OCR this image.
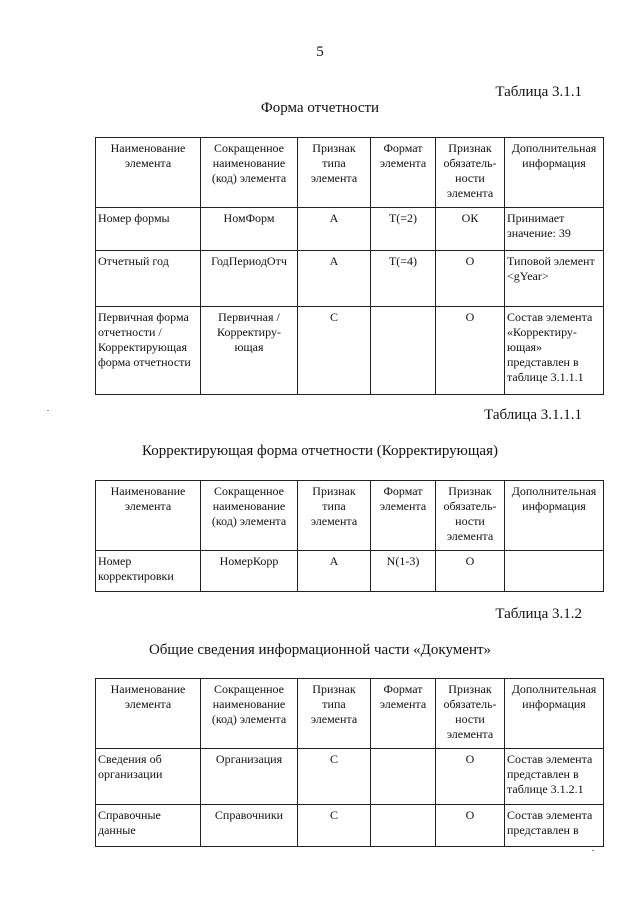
5
Таблица 3.1.1
Форма отчетности
Наименование элемента	Сокращенное наименование (код) элемента	Признак типа элемента	Формат элемента	Признак обязатель-ности элемента	Дополнительная информация
Номер формы	НомФорм	А	T(=2)	ОК	Принимает значение: 39
Отчетный год	ГодПериодОтч	А	T(=4)	О	Типовой элемент <gYear>
Первичная форма отчетности / Корректирующая форма отчетности	Первичная / Корректиру-ющая	С		О	Состав элемента «Корректиру-ющая» представлен в таблице 3.1.1.1
Таблица 3.1.1.1
Корректирующая форма отчетности (Корректирующая)
Наименование элемента	Сокращенное наименование (код) элемента	Признак типа элемента	Формат элемента	Признак обязатель-ности элемента	Дополнительная информация
Номер корректировки	НомерКорр	А	N(1-3)	О	
Таблица 3.1.2
Общие сведения информационной части «Документ»
Наименование элемента	Сокращенное наименование (код) элемента	Признак типа элемента	Формат элемента	Признак обязатель-ности элемента	Дополнительная информация
Сведения об организации	Организация	С		О	Состав элемента представлен в таблице 3.1.2.1
Справочные данные	Справочники	С		О	Состав элемента представлен в
